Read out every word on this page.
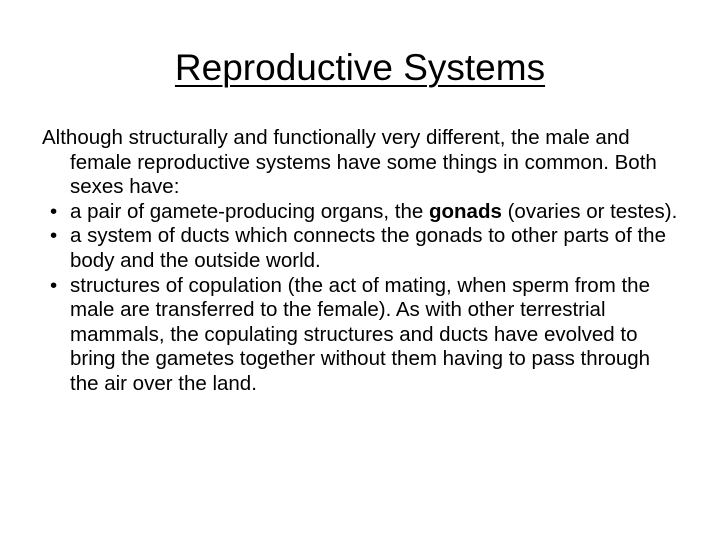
Reproductive Systems

Although structurally and functionally very different, the male and female reproductive systems have some things in common. Both sexes have:

• a pair of gamete-producing organs, the gonads (ovaries or testes).
• a system of ducts which connects the gonads to other parts of the body and the outside world.
• structures of copulation (the act of mating, when sperm from the male are transferred to the female). As with other terrestrial mammals, the copulating structures and ducts have evolved to bring the gametes together without them having to pass through the air over the land.
